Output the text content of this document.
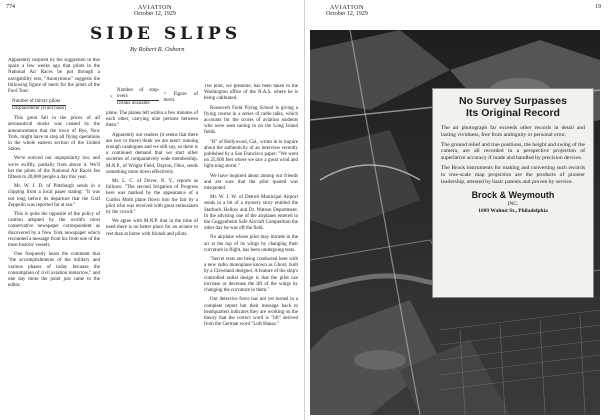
774	AVIATION
October 12, 1929
SIDE SLIPS
By Robert R. Osborn

Apparently inspired by the suggestion in this space a few weeks ago that pilots in the National Air Races be put through a navigability test, "Anonymous" suggests the following figure of merit for the pilots of the Ford Tour:

$\frac{\text{Number of thirsty pilots}}{\text{Displacement (Fluid basis)}}$

This great fall in the prices of all aeronautical stocks was caused by the announcement that the town of Rye, New York, might have to stop all flying operations in the whole eastern section of the United States.

We're noticed our unpopularity too, and we're swiftly, partially from above it. We'll bet the pilots of the National Air Races fan fifteen to 20,000 people a day this year.

Mr. W. J. D. of Pittsburgh sends in a clipping from a local paper stating: "It was not long before its departure that the Graf Zeppelin was reported far at sea."

This is quite the opposite of the policy of caution adopted by the world's most conservative newspaper correspondent as discovered by a New York newspaper which recounted a message from his from one of the most historic vessels.

One frequently hears the comment that "the accomplishments of the military and various phases of today because the consumption of civil aviation tomorrow," and one day more the point just came to the editor.

× $\frac{\text{Number of stop-overs}}{\text{Drinks available}}$ = Figure of merit.

plane. The planes left within a few minutes of each other, carrying nine persons between them."

Apparently our readers (it seems that there are two or three) think we are aren't running enough catalogues and we still say, so there is a continued demand that we start other societies of comparatively wide membership. M.N.P., of Wright Field, Dayton, Ohio, sends something more down effectively.

Mr. L. C. of Dover, N. Y., reports as follows: "The second Irrigation of Progress here was marked by the appearance of a Curtiss Moth plane flown into the fair by a pilot who was received with great enthusiasm by the crowd."

We agree with M.N.P. that in the time of need there is no better place for an aviator to rest than at home with friends and pilots.

The pilot, we presume, has been taken to the Washington office of the N.A.S. where he is being calibrated.

Roosevelt Field Flying School is giving a flying course in a series of radio talks, which accounts for the scores of aviation students who were seen tuning in on the Long Island fields.

"B" of Hollywood, Cal., writes in to inquire about the authenticity of an interview recently published by a San Francisco paper: "We went on 25,000 feet where we saw a great wind and light-ning storm."

We have inquired about among our friends and are sure that the pilot quoted was misquoted.

Mr. W. J. W. of Detroit Municipal Airport sends in a bit of a mystery story entitled the Starbuck Hollow and Dr. Watson Department. In the advising one of the airplanes entered in the Guggenheim Safe Aircraft Competition the other day he was off the field.

No airplane whose pilot may intrude in the air at the top of its wings by changing their curvature in flight, has been undergoing tests.

"Secret tests are being conducted here with a new radio monoplane known as Ghost, built by a Cleveland designer. A feature of the ship's controlled radial design is that the pilot can increase or decrease the lift of the wings by changing the curvature in them."

Our detective force has not yet turned in a complete report but their message back to headquarters indicates they are working on the theory that the correct word is "lift" derived from the German word "Luft Hansa."

AVIATION
October 12, 1929
19
No Survey Surpasses
Its Original Record

The air photograph far exceeds other records in detail and lasting vividness, free from ambiguity or personal error.

The ground relief and true positions, the height and swing of the camera, are all recorded in a perspective projection of superlative accuracy if made and handled by precision devices.

The Brock instruments for making and converting such records to true-scale map projection are the products of pioneer leadership, attested by basic patents and proven by service.

Brock & Weymouth
INC.
1609 Walnut St., Philadelphia
